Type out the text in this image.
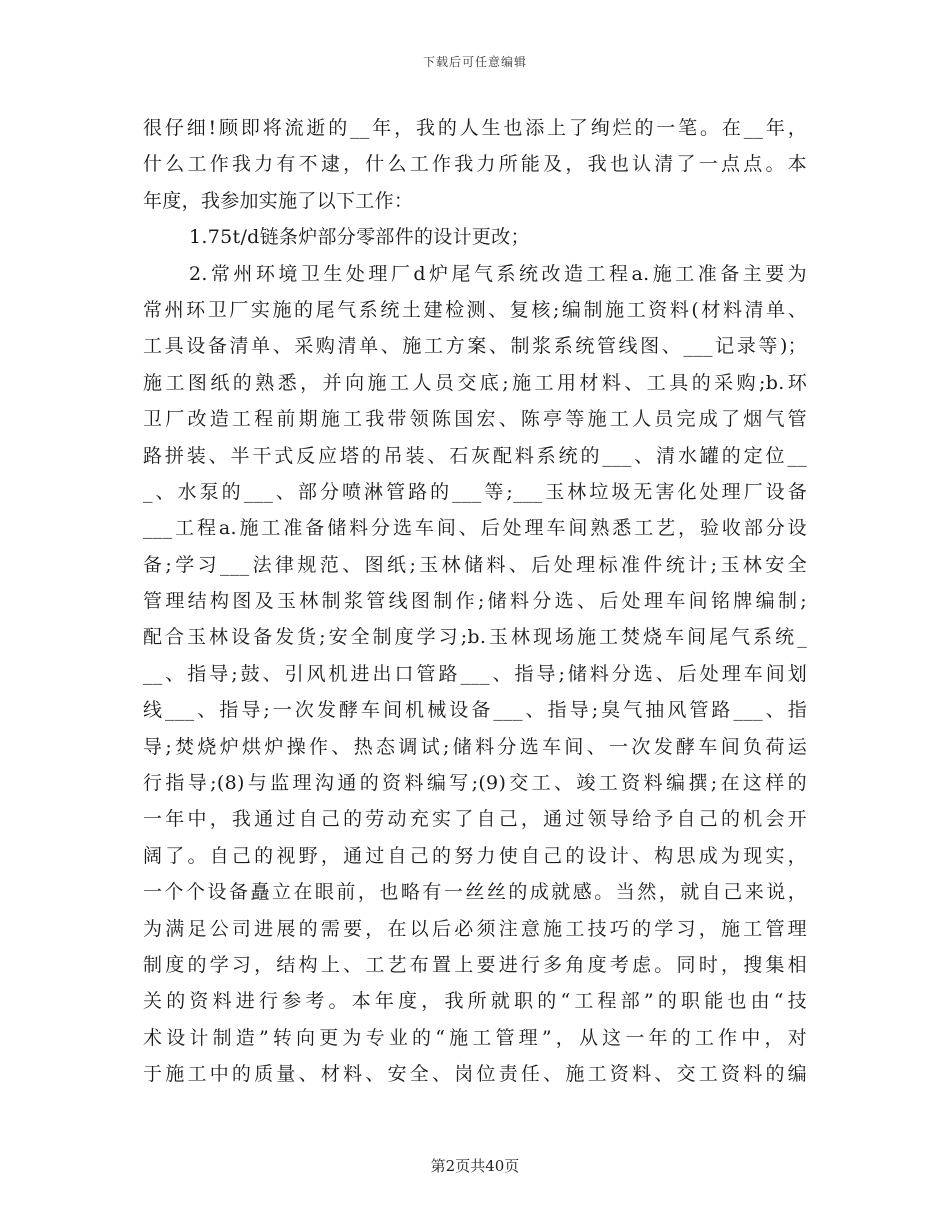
下载后可任意编辑
很仔细!顾即将流逝的__年，我的人生也添上了绚烂的一笔。在__年，
什么工作我力有不逮，什么工作我力所能及，我也认清了一点点。本
年度，我参加实施了以下工作：
1.75t/d链条炉部分零部件的设计更改；
2.常州环境卫生处理厂d炉尾气系统改造工程a.施工准备主要为
常州环卫厂实施的尾气系统土建检测、复核;编制施工资料(材料清单、
工具设备清单、采购清单、施工方案、制浆系统管线图、___记录等)；
施工图纸的熟悉，并向施工人员交底;施工用材料、工具的采购;b.环
卫厂改造工程前期施工我带领陈国宏、陈亭等施工人员完成了烟气管
路拼装、半干式反应塔的吊装、石灰配料系统的___、清水罐的定位__
_、水泵的___、部分喷淋管路的___等;___玉林垃圾无害化处理厂设备
___工程a.施工准备储料分选车间、后处理车间熟悉工艺，验收部分设
备;学习___法律规范、图纸;玉林储料、后处理标准件统计;玉林安全
管理结构图及玉林制浆管线图制作;储料分选、后处理车间铭牌编制;
配合玉林设备发货;安全制度学习;b.玉林现场施工焚烧车间尾气系统_
__、指导;鼓、引风机进出口管路___、指导;储料分选、后处理车间划
线___、指导;一次发酵车间机械设备___、指导;臭气抽风管路___、指
导;焚烧炉烘炉操作、热态调试;储料分选车间、一次发酵车间负荷运
行指导;(8)与监理沟通的资料编写;(9)交工、竣工资料编撰;在这样的
一年中，我通过自己的劳动充实了自己，通过领导给予自己的机会开
阔了。自己的视野，通过自己的努力使自己的设计、构思成为现实，
一个个设备矗立在眼前，也略有一丝丝的成就感。当然，就自己来说，
为满足公司进展的需要，在以后必须注意施工技巧的学习，施工管理
制度的学习，结构上、工艺布置上要进行多角度考虑。同时，搜集相
关的资料进行参考。本年度，我所就职的“工程部”的职能也由“技
术设计制造”转向更为专业的“施工管理”，从这一年的工作中，对
于施工中的质量、材料、安全、岗位责任、施工资料、交工资料的编
第2页共40页
